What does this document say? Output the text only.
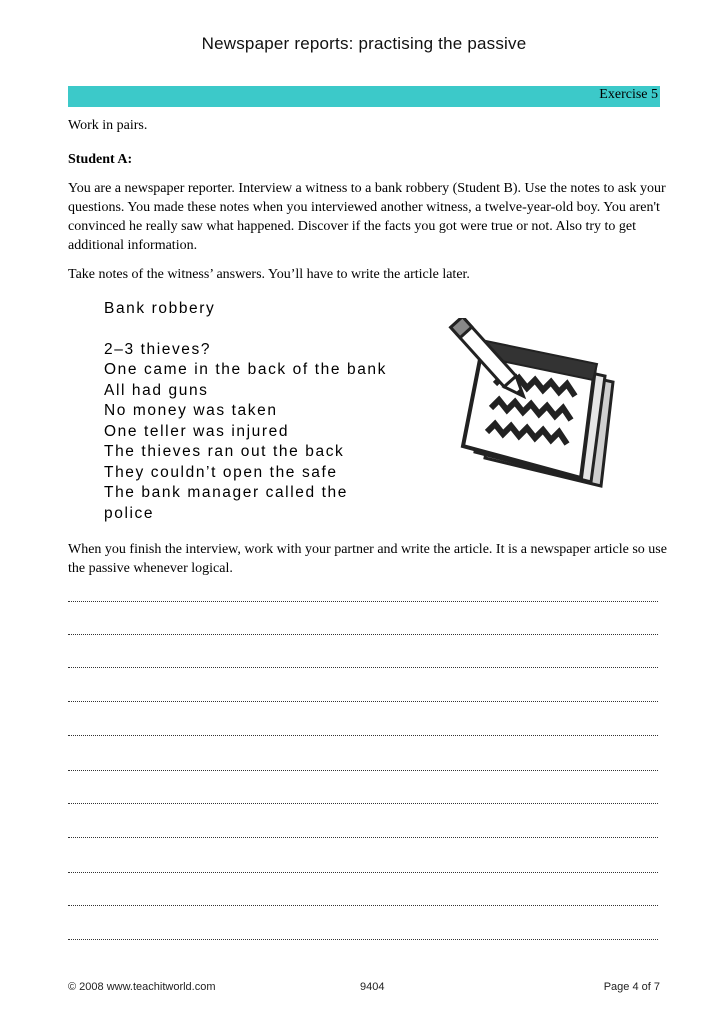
Newspaper reports: practising the passive
Exercise 5

Work in pairs.

Student A:

You are a newspaper reporter. Interview a witness to a bank robbery (Student B). Use the notes to ask your questions. You made these notes when you interviewed another witness, a twelve-year-old boy. You aren't convinced he really saw what happened. Discover if the facts you got were true or not. Also try to get additional information.

Take notes of the witness’ answers. You’ll have to write the article later.

Bank robbery
2–3 thieves?
One came in the back of the bank
All had guns
No money was taken
One teller was injured
The thieves ran out the back
They couldn’t open the safe
The bank manager called the
police

When you finish the interview, work with your partner and write the article. It is a newspaper article so use the passive whenever logical.

© 2008 www.teachitworld.com	9404	Page 4 of 7
